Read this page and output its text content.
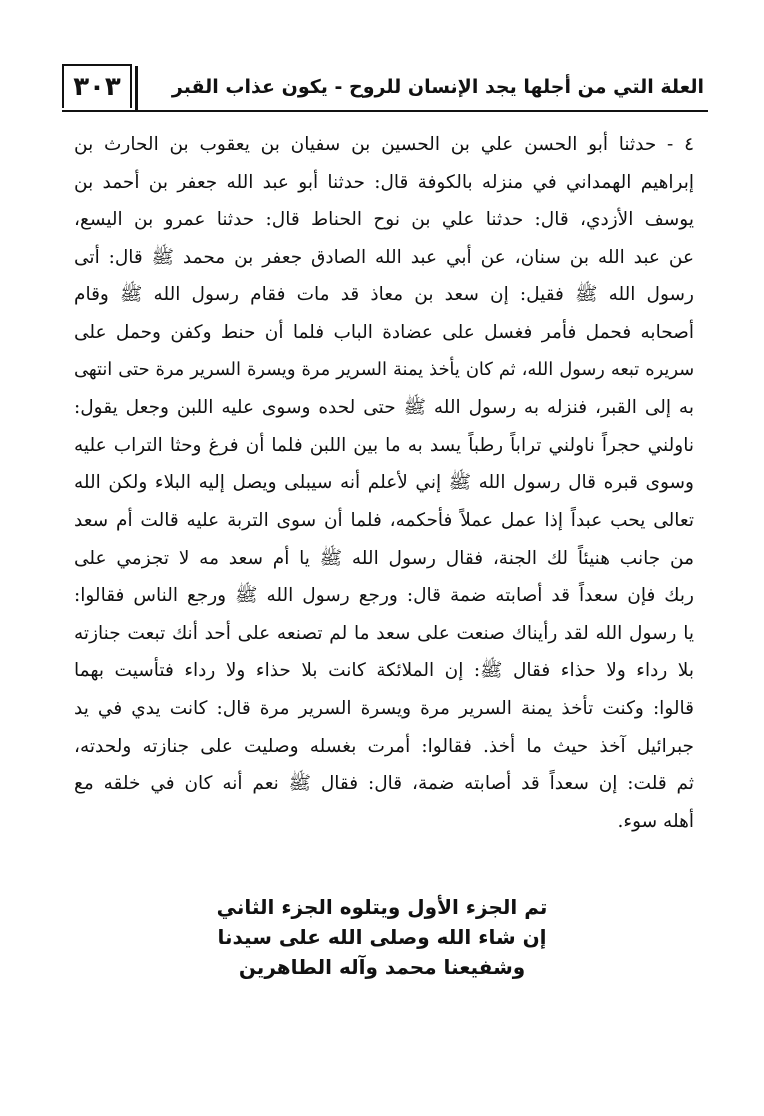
٣٠٣	العلة التي من أجلها يجد الإنسان للروح - يكون عذاب القبر
٤ - حدثنا أبو الحسن علي بن الحسين بن سفيان بن يعقوب بن الحارث بن
إبراهيم الهمداني في منزله بالكوفة قال: حدثنا أبو عبد الله جعفر بن أحمد بن
يوسف الأزدي، قال: حدثنا علي بن نوح الحناط قال: حدثنا عمرو بن اليسع،
عن عبد الله بن سنان، عن أبي عبد الله الصادق جعفر بن محمد ﷺ قال: أتى
رسول الله ﷺ فقيل: إن سعد بن معاذ قد مات فقام رسول الله ﷺ وقام
أصحابه فحمل فأمر فغسل على عضادة الباب فلما أن حنط وكفن وحمل على
سريره تبعه رسول الله، ثم كان يأخذ يمنة السرير مرة ويسرة السرير مرة حتى انتهى
به إلى القبر، فنزله به رسول الله ﷺ حتى لحده وسوى عليه اللبن وجعل يقول:
ناولني حجراً ناولني تراباً رطباً يسد به ما بين اللبن فلما أن فرغ وحثا التراب عليه
وسوى قبره قال رسول الله ﷺ إني لأعلم أنه سيبلى ويصل إليه البلاء ولكن الله
تعالى يحب عبداً إذا عمل عملاً فأحكمه، فلما أن سوى التربة عليه قالت أم سعد
من جانب هنيئاً لك الجنة، فقال رسول الله ﷺ يا أم سعد مه لا تجزمي على
ربك فإن سعداً قد أصابته ضمة قال: ورجع رسول الله ﷺ ورجع الناس فقالوا:
يا رسول الله لقد رأيناك صنعت على سعد ما لم تصنعه على أحد أنك تبعت جنازته
بلا رداء ولا حذاء فقال ﷺ: إن الملائكة كانت بلا حذاء ولا رداء فتأسيت بهما
قالوا: وكنت تأخذ يمنة السرير مرة ويسرة السرير مرة قال: كانت يدي في يد
جبرائيل آخذ حيث ما أخذ. فقالوا: أمرت بغسله وصليت على جنازته ولحدته،
ثم قلت: إن سعداً قد أصابته ضمة، قال: فقال ﷺ نعم أنه كان في خلقه مع
أهله سوء.
تم الجزء الأول ويتلوه الجزء الثاني
إن شاء الله وصلى الله على سيدنا
وشفيعنا محمد وآله الطاهرين
